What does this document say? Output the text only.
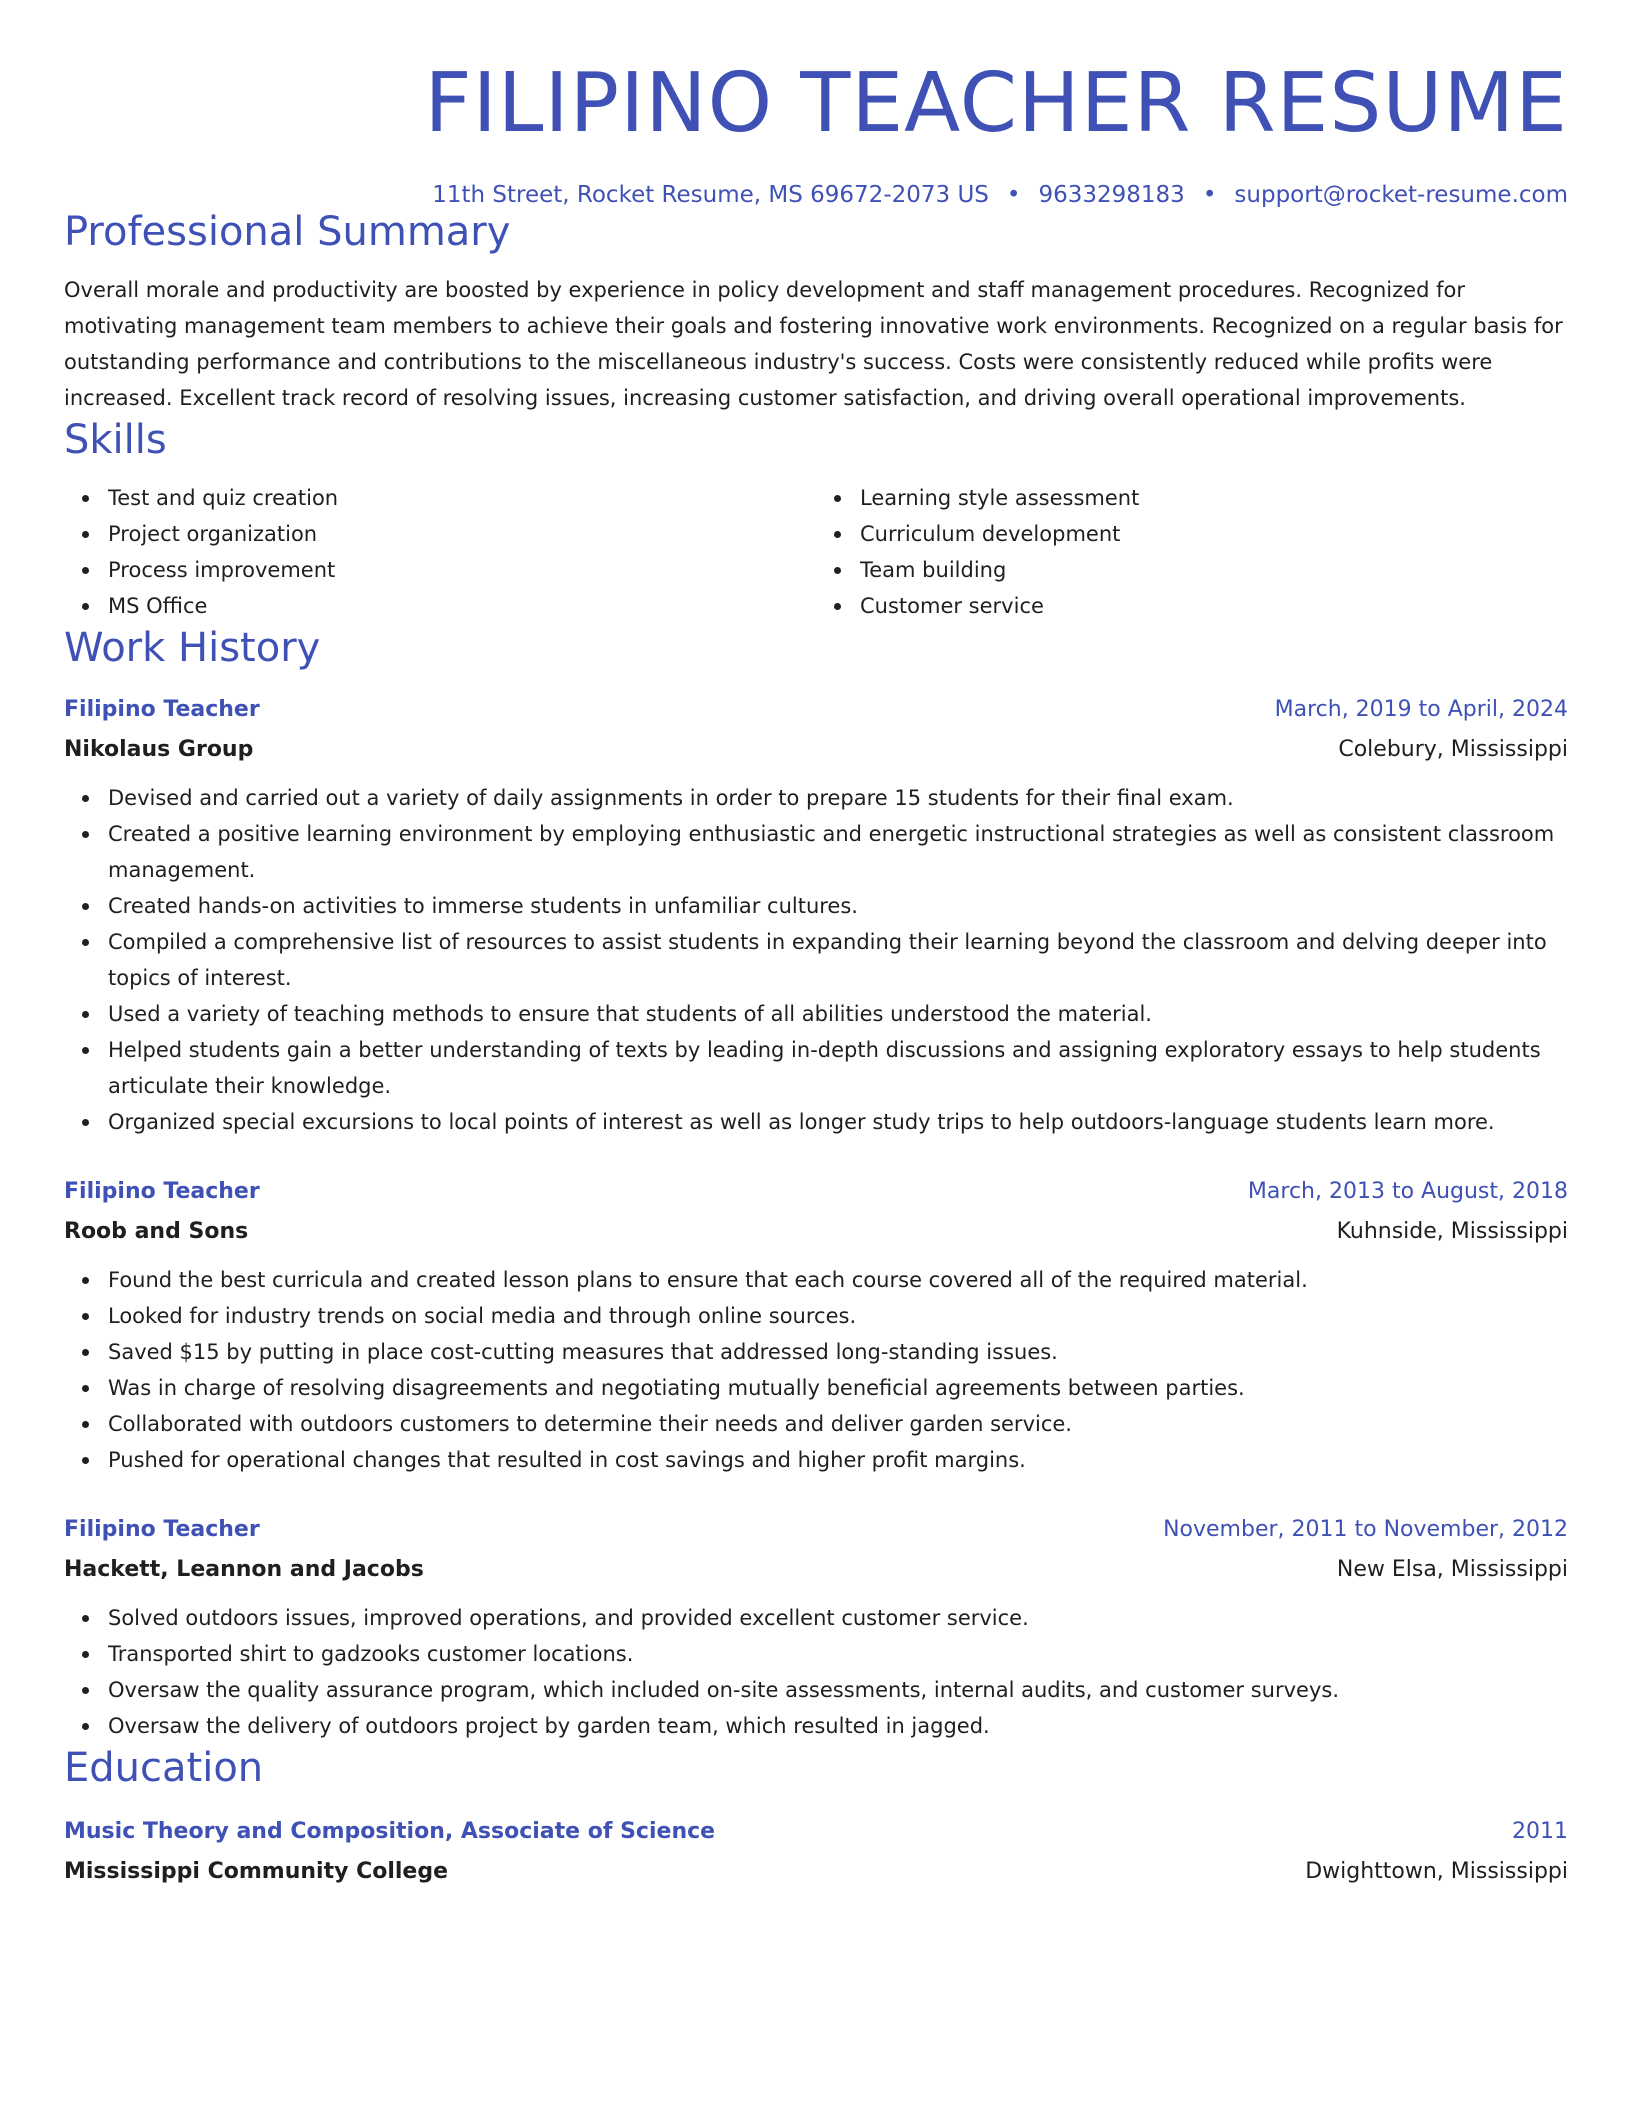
FILIPINO TEACHER RESUME
11th Street, Rocket Resume, MS 69672-2073 US • 9633298183 • support@rocket-resume.com
Professional Summary

Overall morale and productivity are boosted by experience in policy development and staff management procedures. Recognized for motivating management team members to achieve their goals and fostering innovative work environments. Recognized on a regular basis for outstanding performance and contributions to the miscellaneous industry's success. Costs were consistently reduced while profits were increased. Excellent track record of resolving issues, increasing customer satisfaction, and driving overall operational improvements.

Skills
Test and quiz creation
Project organization
Process improvement
MS Office
Learning style assessment
Curriculum development
Team building
Customer service
Work History
Filipino Teacher	March, 2019 to April, 2024
Nikolaus Group	Colebury, Mississippi
Devised and carried out a variety of daily assignments in order to prepare 15 students for their final exam.
Created a positive learning environment by employing enthusiastic and energetic instructional strategies as well as consistent classroom management.
Created hands-on activities to immerse students in unfamiliar cultures.
Compiled a comprehensive list of resources to assist students in expanding their learning beyond the classroom and delving deeper into topics of interest.
Used a variety of teaching methods to ensure that students of all abilities understood the material.
Helped students gain a better understanding of texts by leading in-depth discussions and assigning exploratory essays to help students articulate their knowledge.
Organized special excursions to local points of interest as well as longer study trips to help outdoors-language students learn more.
Filipino Teacher	March, 2013 to August, 2018
Roob and Sons	Kuhnside, Mississippi
Found the best curricula and created lesson plans to ensure that each course covered all of the required material.
Looked for industry trends on social media and through online sources.
Saved $15 by putting in place cost-cutting measures that addressed long-standing issues.
Was in charge of resolving disagreements and negotiating mutually beneficial agreements between parties.
Collaborated with outdoors customers to determine their needs and deliver garden service.
Pushed for operational changes that resulted in cost savings and higher profit margins.
Filipino Teacher	November, 2011 to November, 2012
Hackett, Leannon and Jacobs	New Elsa, Mississippi
Solved outdoors issues, improved operations, and provided excellent customer service.
Transported shirt to gadzooks customer locations.
Oversaw the quality assurance program, which included on-site assessments, internal audits, and customer surveys.
Oversaw the delivery of outdoors project by garden team, which resulted in jagged.
Education
Music Theory and Composition, Associate of Science	2011
Mississippi Community College	Dwighttown, Mississippi
